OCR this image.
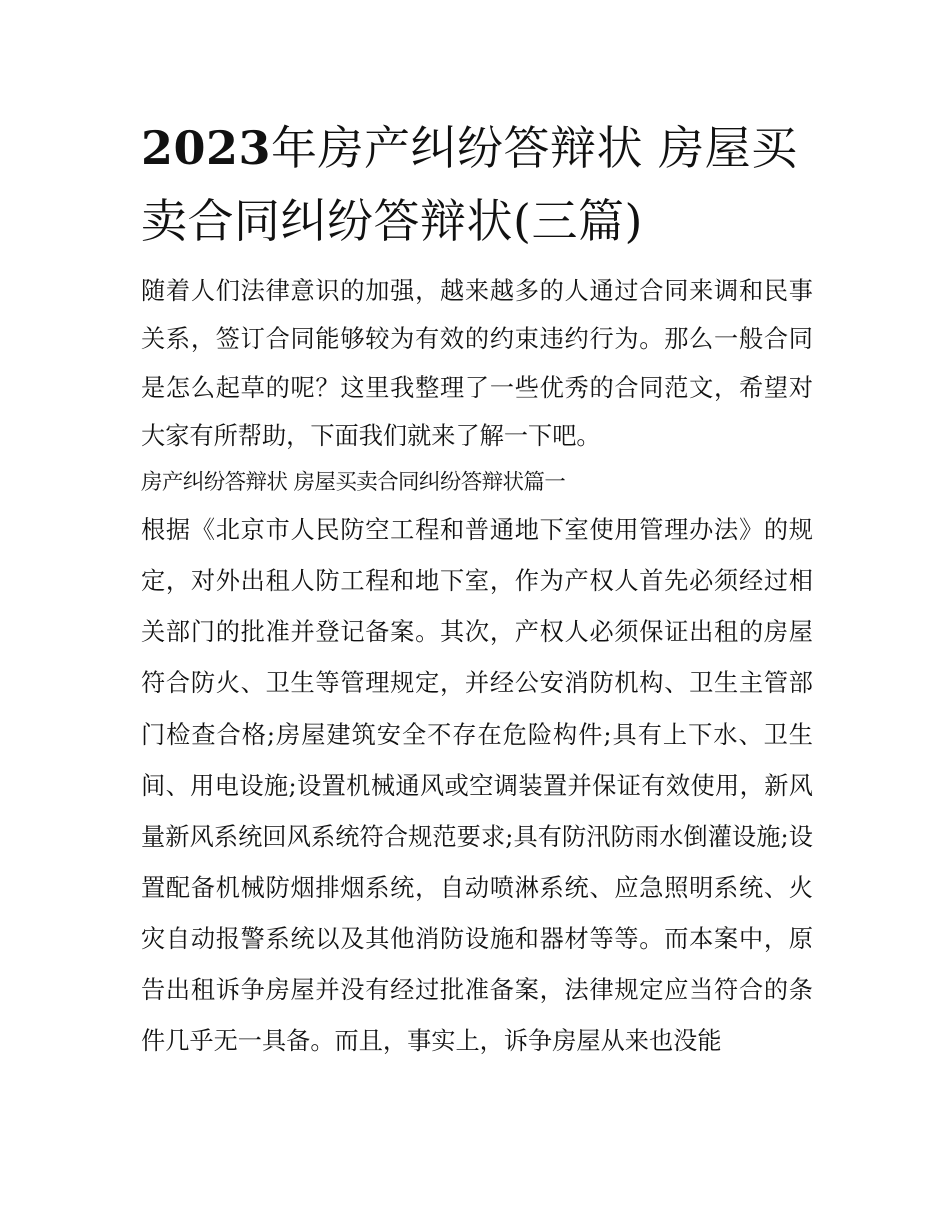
2023年房产纠纷答辩状 房屋买卖合同纠纷答辩状(三篇)

随着人们法律意识的加强，越来越多的人通过合同来调和民事关系，签订合同能够较为有效的约束违约行为。那么一般合同是怎么起草的呢？这里我整理了一些优秀的合同范文，希望对大家有所帮助，下面我们就来了解一下吧。

房产纠纷答辩状 房屋买卖合同纠纷答辩状篇一

根据《北京市人民防空工程和普通地下室使用管理办法》的规定，对外出租人防工程和地下室，作为产权人首先必须经过相关部门的批准并登记备案。其次，产权人必须保证出租的房屋符合防火、卫生等管理规定，并经公安消防机构、卫生主管部门检查合格;房屋建筑安全不存在危险构件;具有上下水、卫生间、用电设施;设置机械通风或空调装置并保证有效使用，新风量新风系统回风系统符合规范要求;具有防汛防雨水倒灌设施;设置配备机械防烟排烟系统，自动喷淋系统、应急照明系统、火灾自动报警系统以及其他消防设施和器材等等。而本案中，原告出租诉争房屋并没有经过批准备案，法律规定应当符合的条件几乎无一具备。而且，事实上，诉争房屋从来也没能
